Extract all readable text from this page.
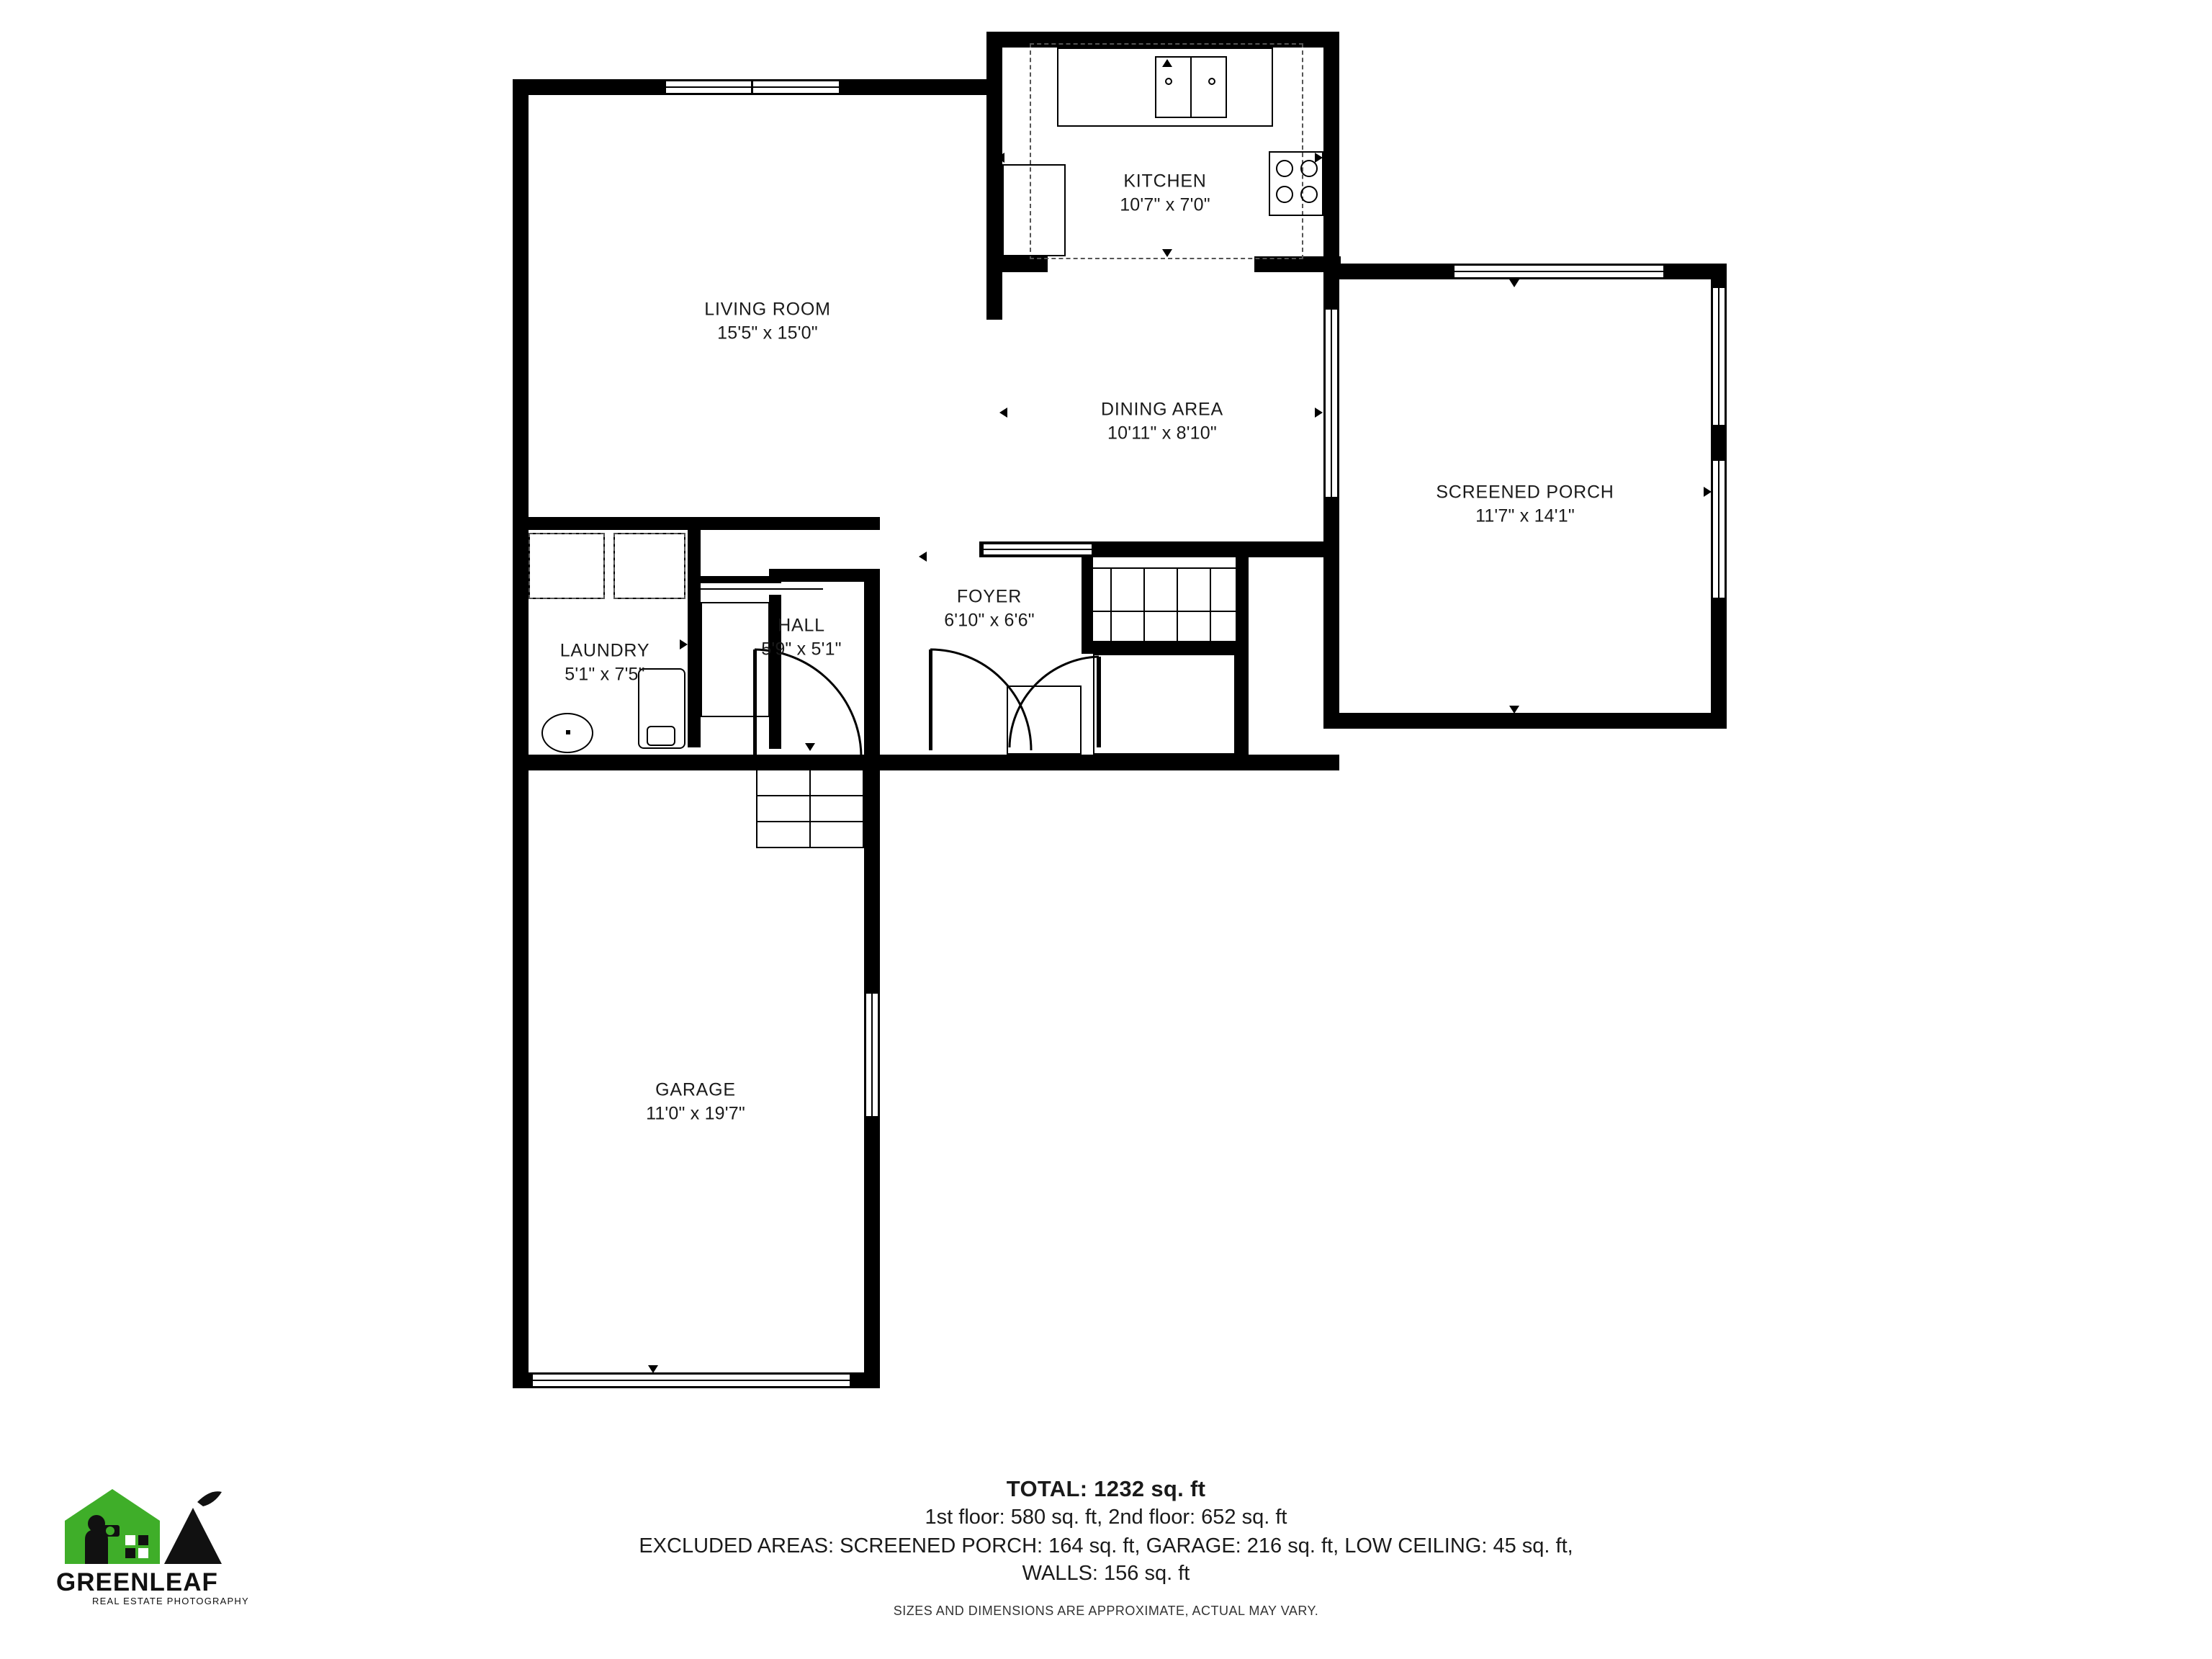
KITCHEN
10'7" x 7'0"
LIVING ROOM
15'5" x 15'0"
DINING AREA
10'11" x 8'10"
SCREENED PORCH
11'7" x 14'1"
FOYER
6'10" x 6'6"
HALL
5'9" x 5'1"
LAUNDRY
5'1" x 7'5"
GARAGE
11'0" x 19'7"
TOTAL: 1232 sq. ft
1st floor: 580 sq. ft, 2nd floor: 652 sq. ft
EXCLUDED AREAS: SCREENED PORCH: 164 sq. ft, GARAGE: 216 sq. ft, LOW CEILING: 45 sq. ft,
WALLS: 156 sq. ft
SIZES AND DIMENSIONS ARE APPROXIMATE, ACTUAL MAY VARY.
GREENLEAF
REAL ESTATE PHOTOGRAPHY
